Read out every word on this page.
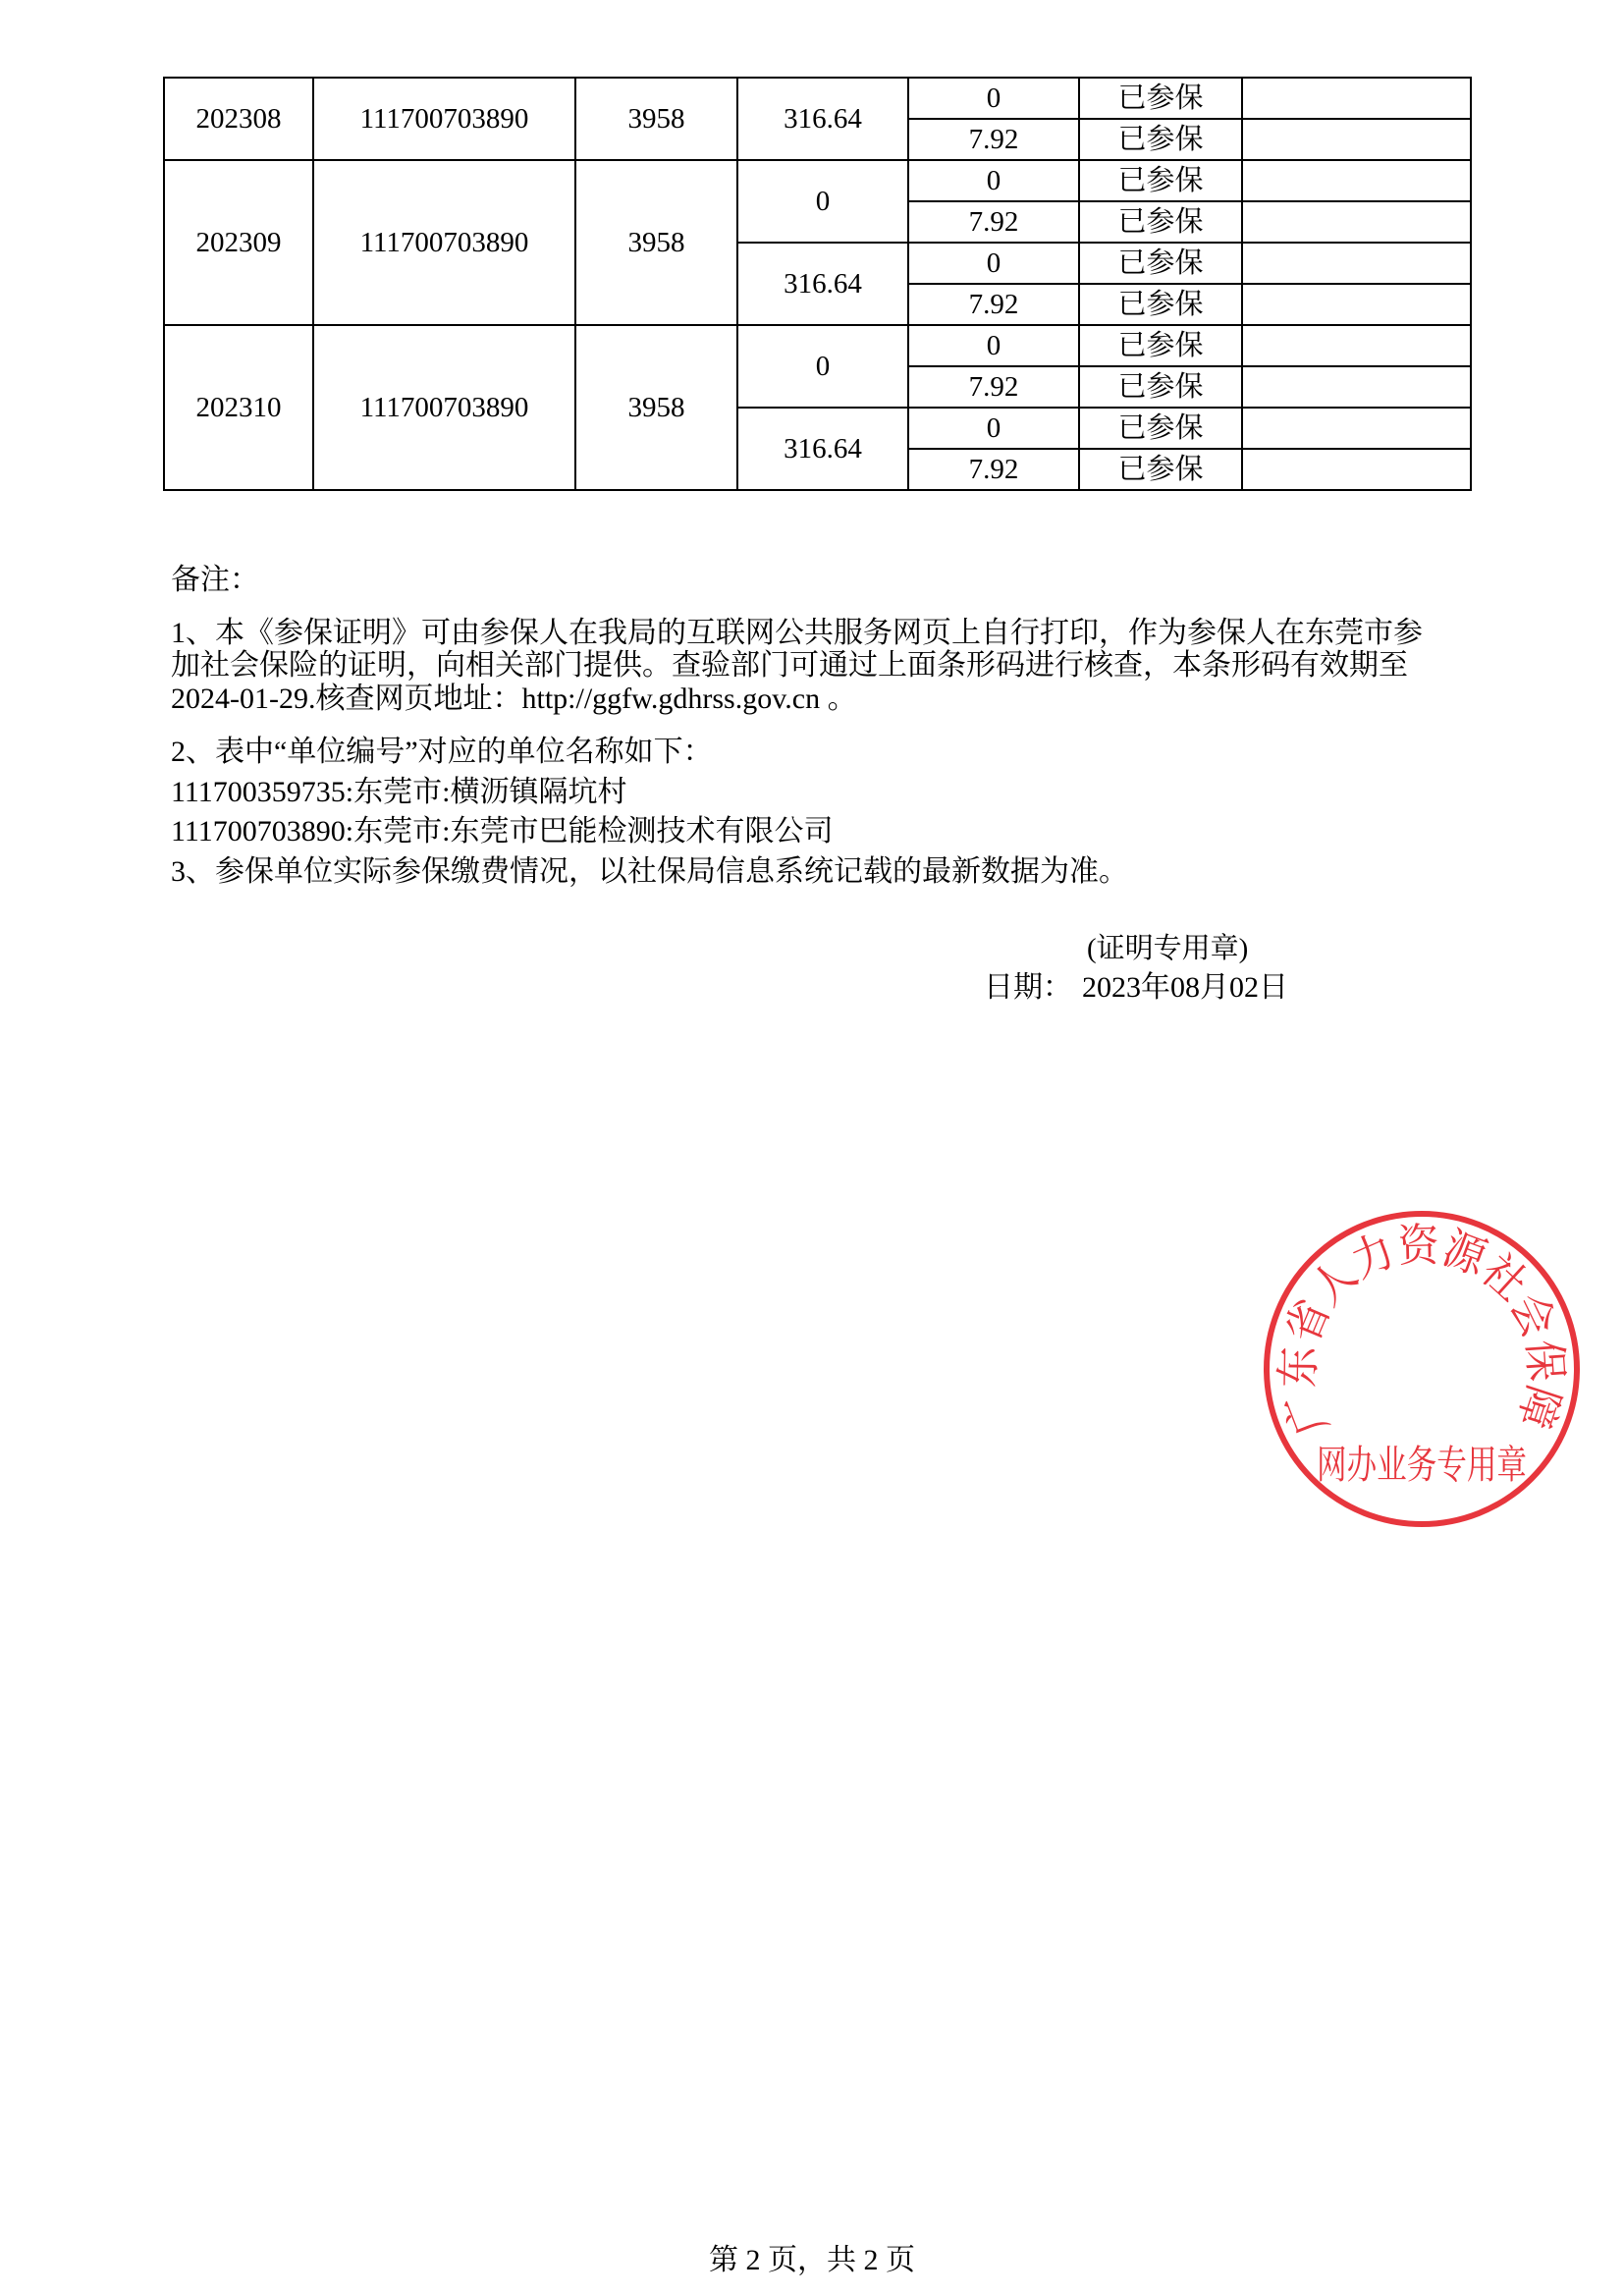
202308	111700703890	3958	316.64	0	已参保	
				7.92	已参保	
202309	111700703890	3958	0	0	已参保	
				7.92	已参保	
			316.64	0	已参保	
				7.92	已参保	
202310	111700703890	3958	0	0	已参保	
				7.92	已参保	
			316.64	0	已参保	
				7.92	已参保	
备注：
1、本《参保证明》可由参保人在我局的互联网公共服务网页上自行打印，作为参保人在东莞市参
加社会保险的证明，向相关部门提供。查验部门可通过上面条形码进行核查，本条形码有效期至
2024-01-29.核查网页地址：http://ggfw.gdhrss.gov.cn 。
2、表中“单位编号”对应的单位名称如下：
111700359735:东莞市:横沥镇隔坑村
111700703890:东莞市:东莞市巴能检测技术有限公司
3、参保单位实际参保缴费情况，以社保局信息系统记载的最新数据为准。
(证明专用章)
日期： 2023年08月02日
广东省人力资源社会保障
网办业务专用章
第 2 页，共 2 页
